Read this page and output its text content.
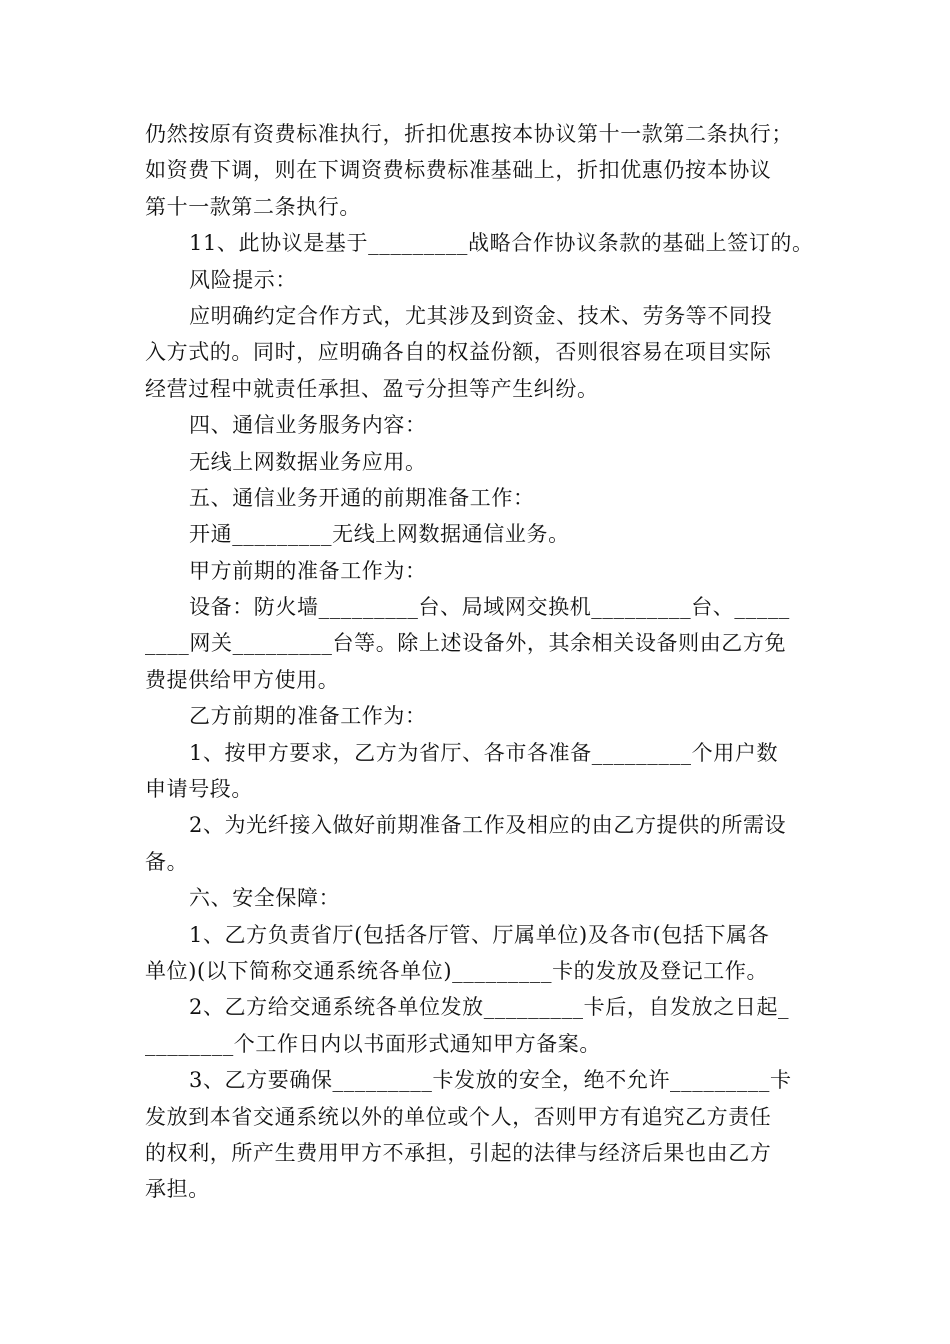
仍然按原有资费标准执行，折扣优惠按本协议第十一款第二条执行；
如资费下调，则在下调资费标费标准基础上，折扣优惠仍按本协议
第十一款第二条执行。
11、此协议是基于_________战略合作协议条款的基础上签订的。
风险提示：
应明确约定合作方式，尤其涉及到资金、技术、劳务等不同投
入方式的。同时，应明确各自的权益份额，否则很容易在项目实际
经营过程中就责任承担、盈亏分担等产生纠纷。
四、通信业务服务内容：
无线上网数据业务应用。
五、通信业务开通的前期准备工作：
开通_________无线上网数据通信业务。
甲方前期的准备工作为：
设备：防火墙_________台、局域网交换机_________台、_____
____网关_________台等。除上述设备外，其余相关设备则由乙方免
费提供给甲方使用。
乙方前期的准备工作为：
1、按甲方要求，乙方为省厅、各市各准备_________个用户数
申请号段。
2、为光纤接入做好前期准备工作及相应的由乙方提供的所需设
备。
六、安全保障：
1、乙方负责省厅(包括各厅管、厅属单位)及各市(包括下属各
单位)(以下简称交通系统各单位)_________卡的发放及登记工作。
2、乙方给交通系统各单位发放_________卡后，自发放之日起_
________个工作日内以书面形式通知甲方备案。
3、乙方要确保_________卡发放的安全，绝不允许_________卡
发放到本省交通系统以外的单位或个人，否则甲方有追究乙方责任
的权利，所产生费用甲方不承担，引起的法律与经济后果也由乙方
承担。
